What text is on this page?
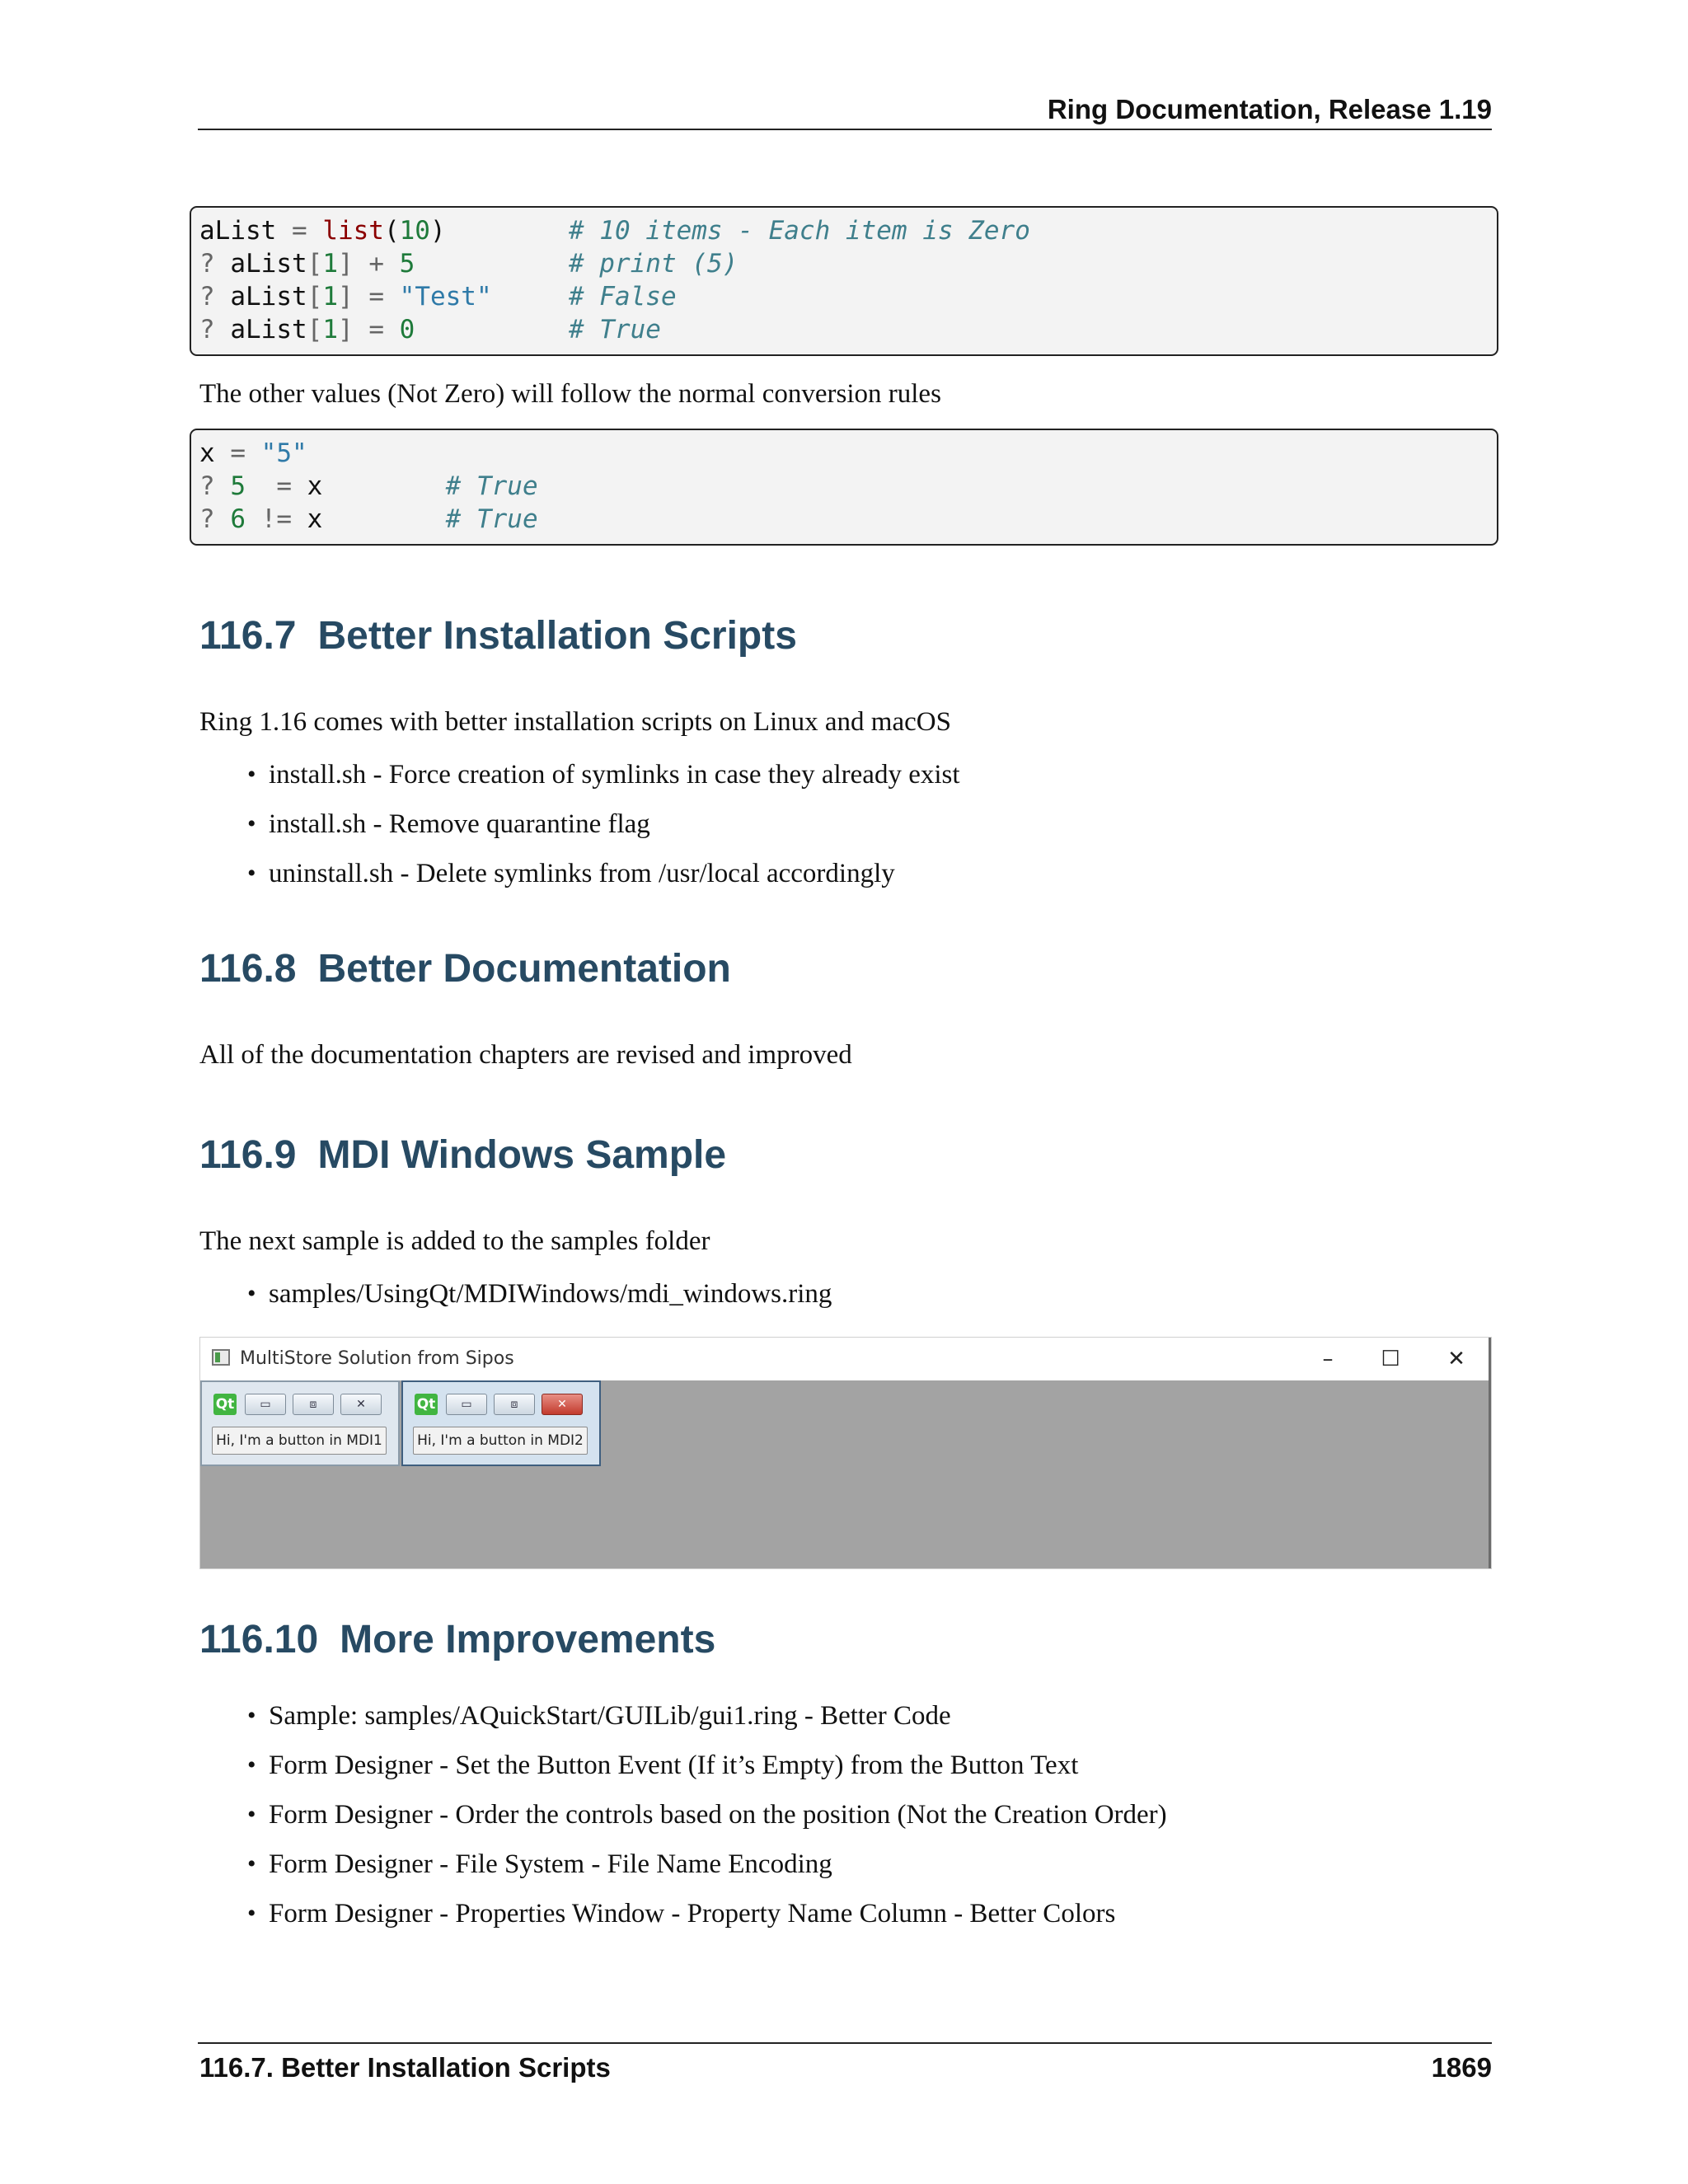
Ring Documentation, Release 1.19
aList = list(10)	# 10 items - Each item is Zero
? aList[1] + 5	# print (5)
? aList[1] = "Test"	# False
? aList[1] = 0	# True
The other values (Not Zero) will follow the normal conversion rules
x = "5"
? 5  = x	# True
? 6 != x	# True
116.7 Better Installation Scripts
Ring 1.16 comes with better installation scripts on Linux and macOS
• install.sh - Force creation of symlinks in case they already exist
• install.sh - Remove quarantine flag
• uninstall.sh - Delete symlinks from /usr/local accordingly
116.8 Better Documentation
All of the documentation chapters are revised and improved
116.9 MDI Windows Sample
The next sample is added to the samples folder
• samples/UsingQt/MDIWindows/mdi_windows.ring
MultiStore Solution from Sipos	–	☐	✕
Qt	▭	⧈	✕
Hi, I'm a button in MDI1
Qt	▭	⧈	✕
Hi, I'm a button in MDI2
116.10 More Improvements
• Sample: samples/AQuickStart/GUILib/gui1.ring - Better Code
• Form Designer - Set the Button Event (If it’s Empty) from the Button Text
• Form Designer - Order the controls based on the position (Not the Creation Order)
• Form Designer - File System - File Name Encoding
• Form Designer - Properties Window - Property Name Column - Better Colors
116.7. Better Installation Scripts	1869
